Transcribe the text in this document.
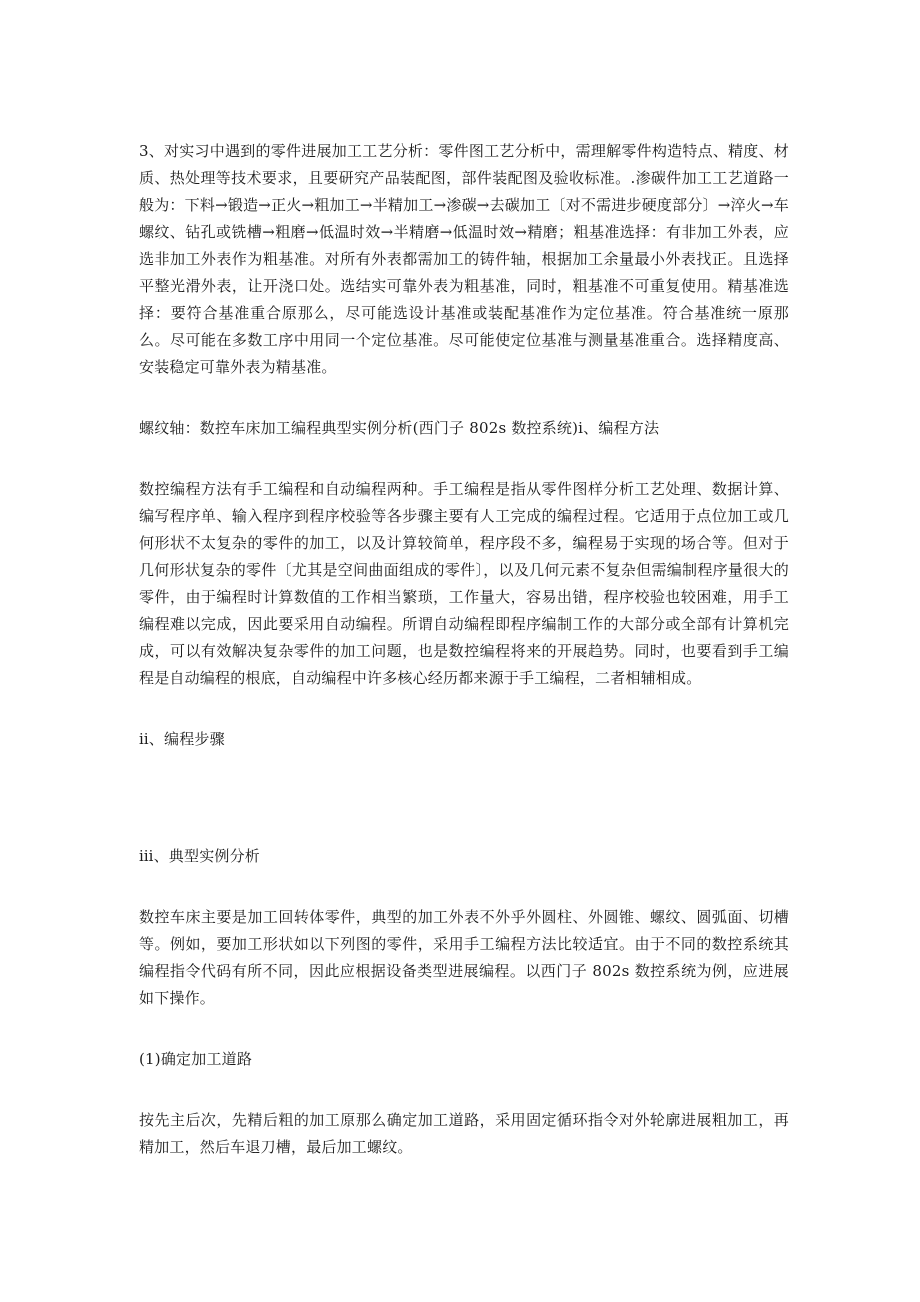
3、对实习中遇到的零件进展加工工艺分析：零件图工艺分析中，需理解零件构造特点、精度、材质、热处理等技术要求，且要研究产品装配图，部件装配图及验收标准。.渗碳件加工工艺道路一般为：下料→锻造→正火→粗加工→半精加工→渗碳→去碳加工〔对不需进步硬度部分〕→淬火→车螺纹、钻孔或铣槽→粗磨→低温时效→半精磨→低温时效→精磨；粗基准选择：有非加工外表，应选非加工外表作为粗基准。对所有外表都需加工的铸件轴，根据加工余量最小外表找正。且选择平整光滑外表，让开浇口处。选结实可靠外表为粗基准，同时，粗基准不可重复使用。精基准选择：要符合基准重合原那么，尽可能选设计基准或装配基准作为定位基准。符合基准统一原那么。尽可能在多数工序中用同一个定位基准。尽可能使定位基准与测量基准重合。选择精度高、安装稳定可靠外表为精基准。

螺纹轴：数控车床加工编程典型实例分析(西门子 802s 数控系统)ⅰ、编程方法

数控编程方法有手工编程和自动编程两种。手工编程是指从零件图样分析工艺处理、数据计算、编写程序单、输入程序到程序校验等各步骤主要有人工完成的编程过程。它适用于点位加工或几何形状不太复杂的零件的加工，以及计算较简单，程序段不多，编程易于实现的场合等。但对于几何形状复杂的零件〔尤其是空间曲面组成的零件〕，以及几何元素不复杂但需编制程序量很大的零件，由于编程时计算数值的工作相当繁琐，工作量大，容易出错，程序校验也较困难，用手工编程难以完成，因此要采用自动编程。所谓自动编程即程序编制工作的大部分或全部有计算机完成，可以有效解决复杂零件的加工问题，也是数控编程将来的开展趋势。同时，也要看到手工编程是自动编程的根底，自动编程中许多核心经历都来源于手工编程，二者相辅相成。

ⅱ、编程步骤

ⅲ、典型实例分析

数控车床主要是加工回转体零件，典型的加工外表不外乎外圆柱、外圆锥、螺纹、圆弧面、切槽等。例如，要加工形状如以下列图的零件，采用手工编程方法比较适宜。由于不同的数控系统其编程指令代码有所不同，因此应根据设备类型进展编程。以西门子 802s 数控系统为例，应进展如下操作。

(1)确定加工道路

按先主后次，先精后粗的加工原那么确定加工道路，采用固定循环指令对外轮廓进展粗加工，再精加工，然后车退刀槽，最后加工螺纹。
